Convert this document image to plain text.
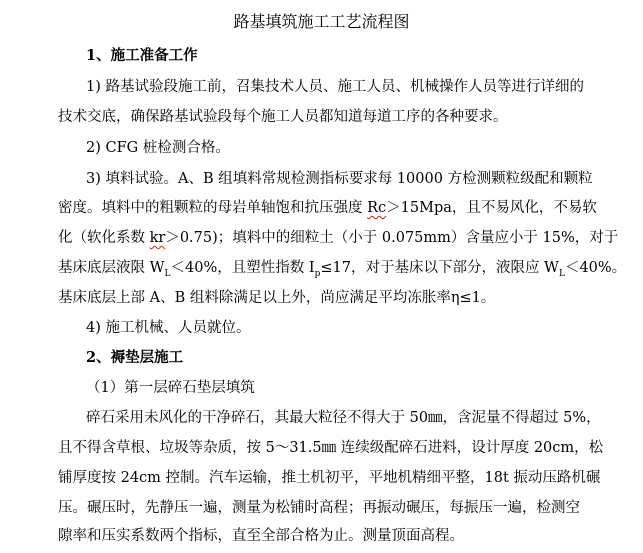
路基填筑施工工艺流程图
1、施工准备工作
1) 路基试验段施工前，召集技术人员、施工人员、机械操作人员等进行详细的
技术交底，确保路基试验段每个施工人员都知道每道工序的各种要求。
2) CFG 桩检测合格。
3) 填料试验。A、B 组填料常规检测指标要求每 10000 方检测颗粒级配和颗粒
密度。填料中的粗颗粒的母岩单轴饱和抗压强度 Rc＞15Mpa，且不易风化，不易软
化（软化系数 kr＞0.75)；填料中的细粒土（小于 0.075mm）含量应小于 15%，对于
基床底层液限 $W_L<40\%$，且塑性指数 $I_p\le 17$，对于基床以下部分，液限应 $W_L<40\%$。
基床底层上部 A、B 组料除满足以上外，尚应满足平均冻胀率η≤1。
4) 施工机械、人员就位。
2、褥垫层施工
（1）第一层碎石垫层填筑
碎石采用未风化的干净碎石，其最大粒径不得大于 50㎜，含泥量不得超过 5%，
且不得含草根、垃圾等杂质，按 5～31.5㎜ 连续级配碎石进料，设计厚度 20cm，松
铺厚度按 24cm 控制。汽车运输，推土机初平，平地机精细平整，18t 振动压路机碾
压。碾压时，先静压一遍，测量为松铺时高程；再振动碾压，每振压一遍，检测空
隙率和压实系数两个指标，直至全部合格为止。测量顶面高程。
